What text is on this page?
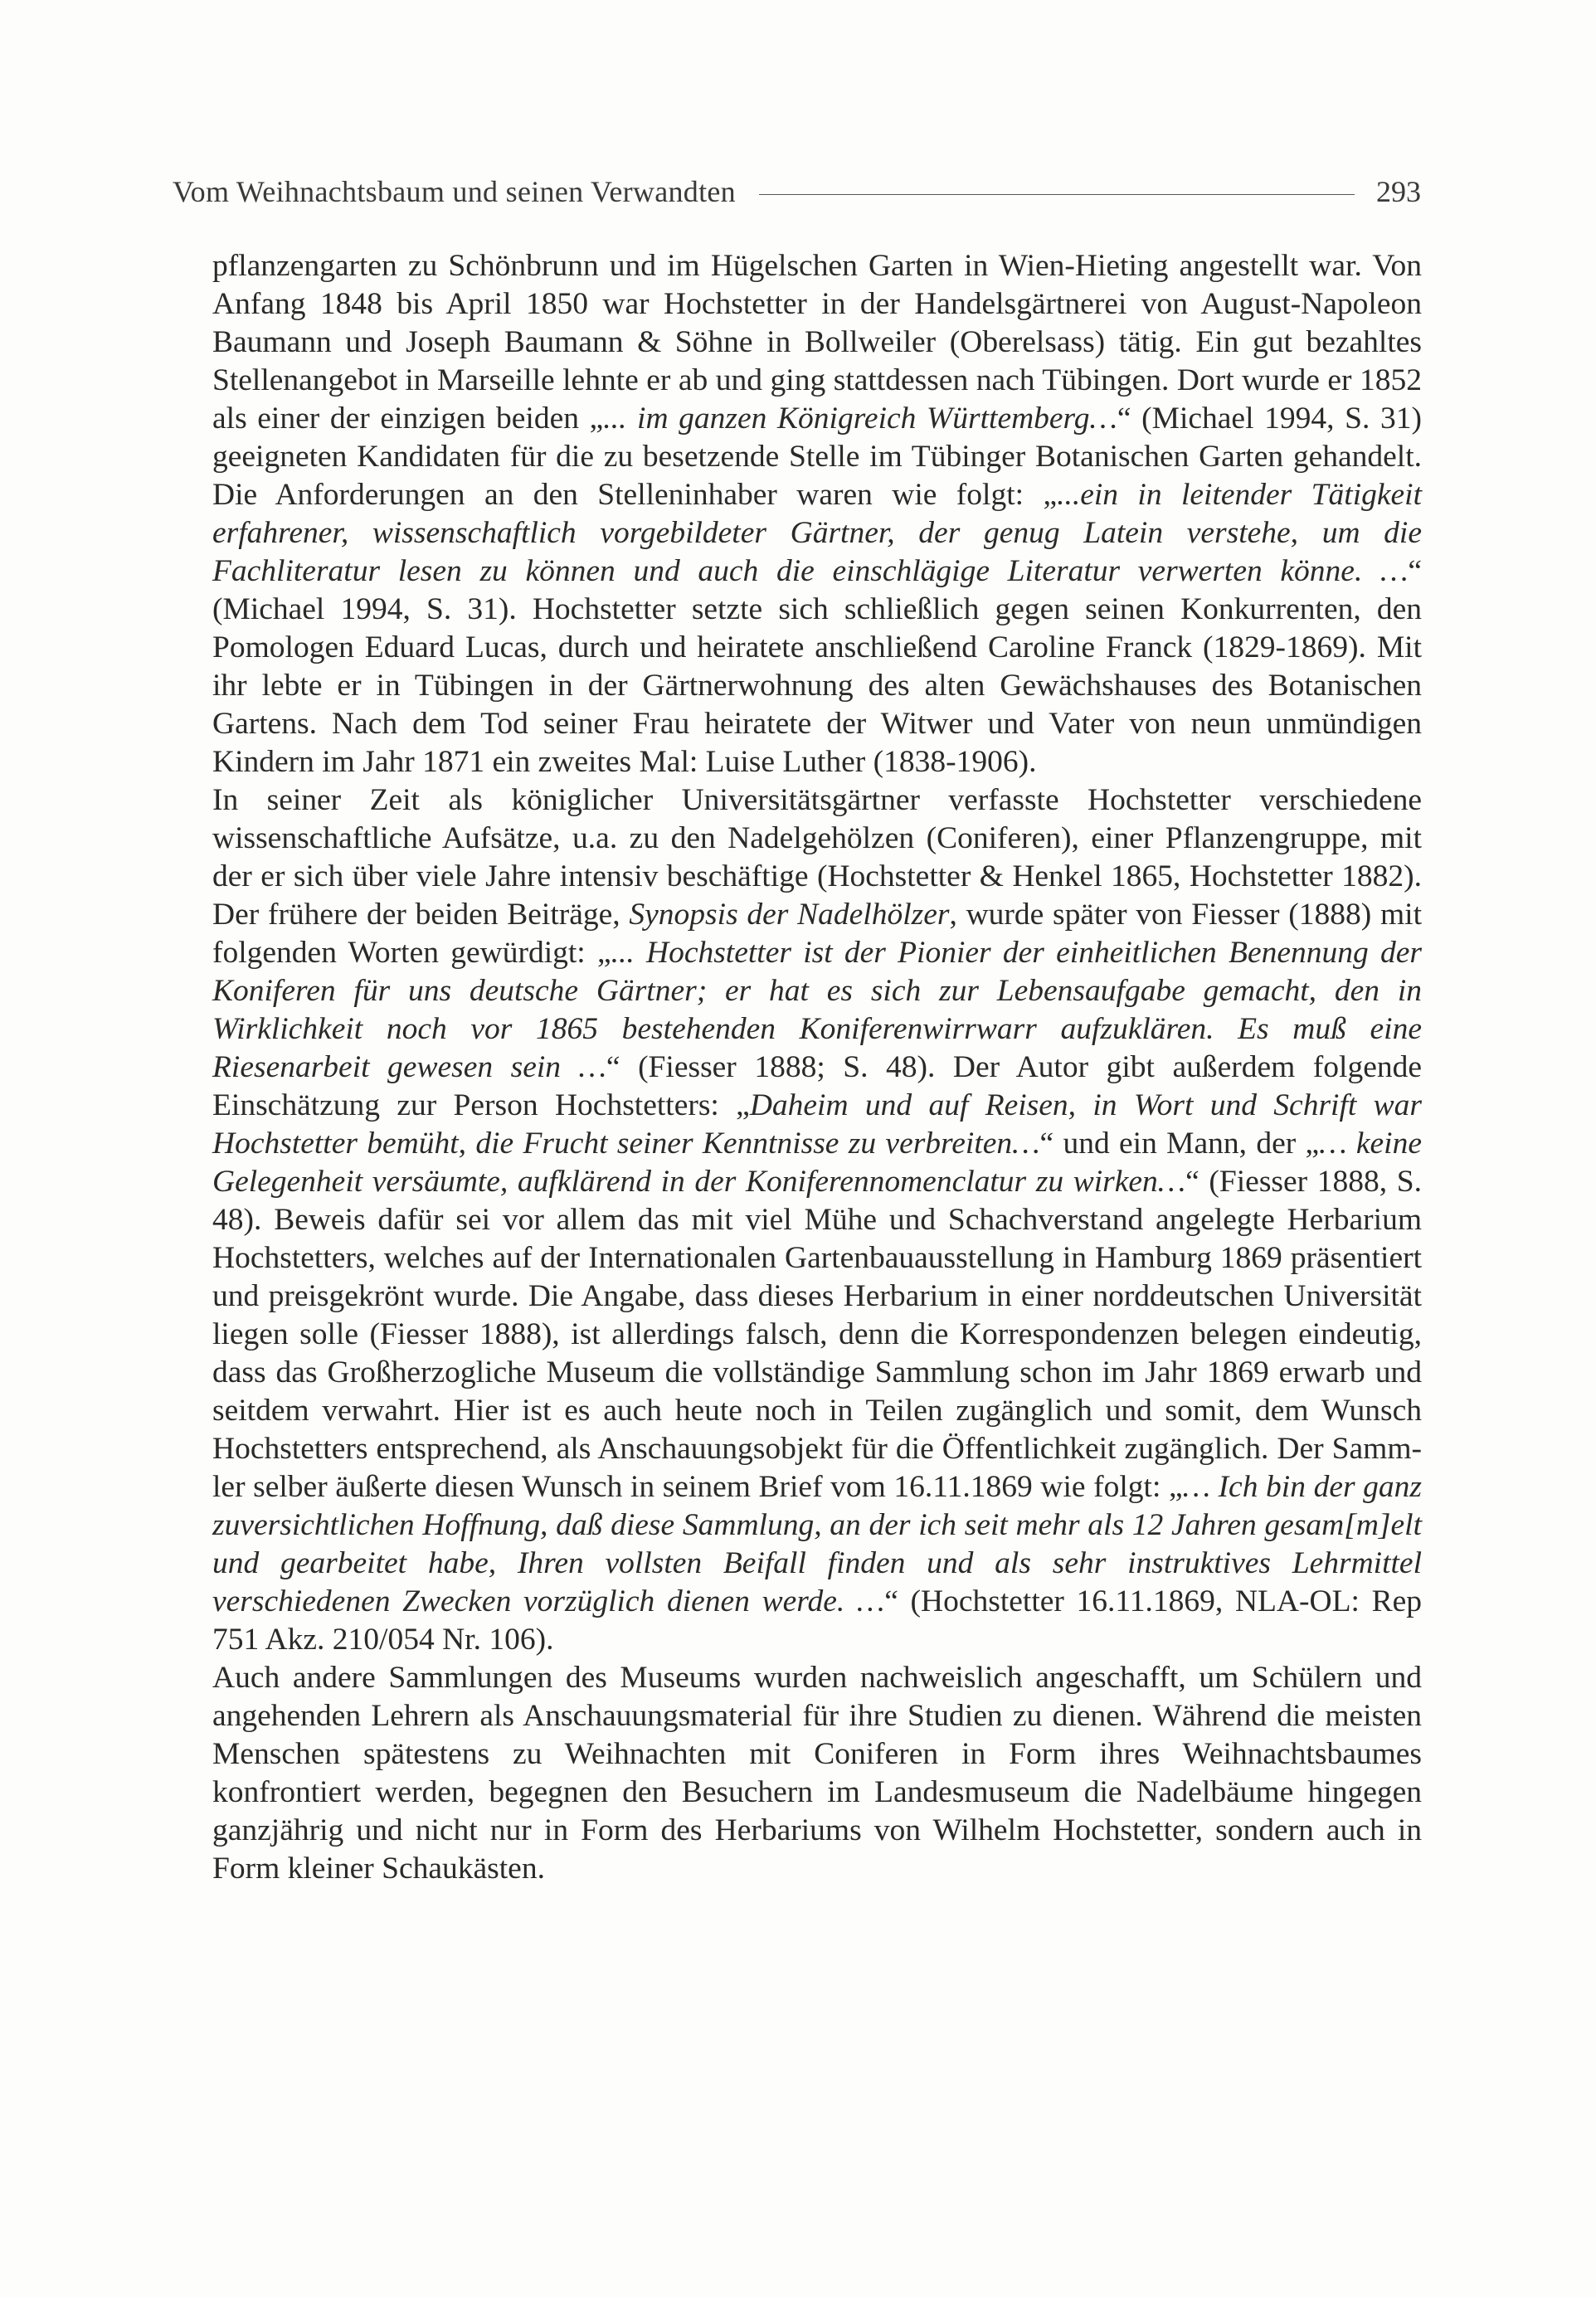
Vom Weihnachtsbaum und seinen Verwandten	293

pflanzengarten zu Schönbrunn und im Hügelschen Garten in Wien-Hieting angestellt war. Von Anfang 1848 bis April 1850 war Hochstetter in der Handelsgärtnerei von August-Napoleon Baumann und Joseph Baumann & Söhne in Bollweiler (Oberelsass) tätig. Ein gut bezahltes Stellenangebot in Marseille lehnte er ab und ging stattdessen nach Tübingen. Dort wurde er 1852 als einer der einzigen beiden „... im ganzen Königreich Württemberg…“ (Michael 1994, S. 31) geeigneten Kandidaten für die zu besetzende Stelle im Tübinger Botanischen Garten gehandelt. Die Anforderungen an den Stelleninhaber waren wie folgt: „...ein in leitender Tätigkeit erfahrener, wissenschaftlich vorgebildeter Gärtner, der genug Latein verstehe, um die Fachliteratur lesen zu können und auch die einschlägige Literatur verwerten könne. …“ (Michael 1994, S. 31). Hochstetter setzte sich schließlich gegen seinen Konkurrenten, den Pomologen Eduard Lucas, durch und heiratete anschließend Caroline Franck (1829-1869). Mit ihr lebte er in Tübingen in der Gärtnerwohnung des alten Gewächshauses des Botanischen Gartens. Nach dem Tod seiner Frau heiratete der Witwer und Vater von neun unmündigen Kindern im Jahr 1871 ein zweites Mal: Luise Luther (1838-1906).

In seiner Zeit als königlicher Universitätsgärtner verfasste Hochstetter verschiedene wissenschaftliche Aufsätze, u.a. zu den Nadelgehölzen (Coniferen), einer Pflanzengruppe, mit der er sich über viele Jahre intensiv beschäftige (Hochstetter & Henkel 1865, Hochstetter 1882). Der frühere der beiden Beiträge, Synopsis der Nadelhölzer, wurde später von Fiesser (1888) mit folgenden Worten gewürdigt: „... Hochstetter ist der Pionier der einheitlichen Benennung der Koniferen für uns deutsche Gärtner; er hat es sich zur Lebensaufgabe gemacht, den in Wirklichkeit noch vor 1865 bestehenden Koniferenwirrwarr aufzuklären. Es muß eine Riesenarbeit gewesen sein …“ (Fiesser 1888; S. 48). Der Autor gibt außerdem folgende Einschätzung zur Person Hochstetters: „Daheim und auf Reisen, in Wort und Schrift war Hochstetter bemüht, die Frucht seiner Kenntnisse zu verbreiten…“ und ein Mann, der „… keine Gelegenheit versäumte, aufklärend in der Koniferennomenclatur zu wirken…“ (Fiesser 1888, S. 48). Beweis dafür sei vor allem das mit viel Mühe und Schachverstand angelegte Herbarium Hochstetters, welches auf der Internationalen Gartenbauausstellung in Hamburg 1869 präsentiert und preisgekrönt wurde. Die Angabe, dass dieses Herbarium in einer norddeutschen Universität liegen solle (Fiesser 1888), ist allerdings falsch, denn die Korrespondenzen belegen eindeutig, dass das Großherzogliche Museum die vollständige Sammlung schon im Jahr 1869 erwarb und seitdem verwahrt. Hier ist es auch heute noch in Teilen zugänglich und somit, dem Wunsch Hochstetters entsprechend, als Anschauungsobjekt für die Öffentlichkeit zugänglich. Der Sammler selber äußerte diesen Wunsch in seinem Brief vom 16.11.1869 wie folgt: „… Ich bin der ganz zuversichtlichen Hoffnung, daß diese Sammlung, an der ich seit mehr als 12 Jahren gesam[m]elt und gearbeitet habe, Ihren vollsten Beifall finden und als sehr instruktives Lehrmittel verschiedenen Zwecken vorzüglich dienen werde. …“ (Hochstetter 16.11.1869, NLA-OL: Rep 751 Akz. 210/054 Nr. 106).

Auch andere Sammlungen des Museums wurden nachweislich angeschafft, um Schülern und angehenden Lehrern als Anschauungsmaterial für ihre Studien zu dienen. Während die meisten Menschen spätestens zu Weihnachten mit Coniferen in Form ihres Weihnachtsbaumes konfrontiert werden, begegnen den Besuchern im Landesmuseum die Nadelbäume hingegen ganzjährig und nicht nur in Form des Herbariums von Wilhelm Hochstetter, sondern auch in Form kleiner Schaukästen.
